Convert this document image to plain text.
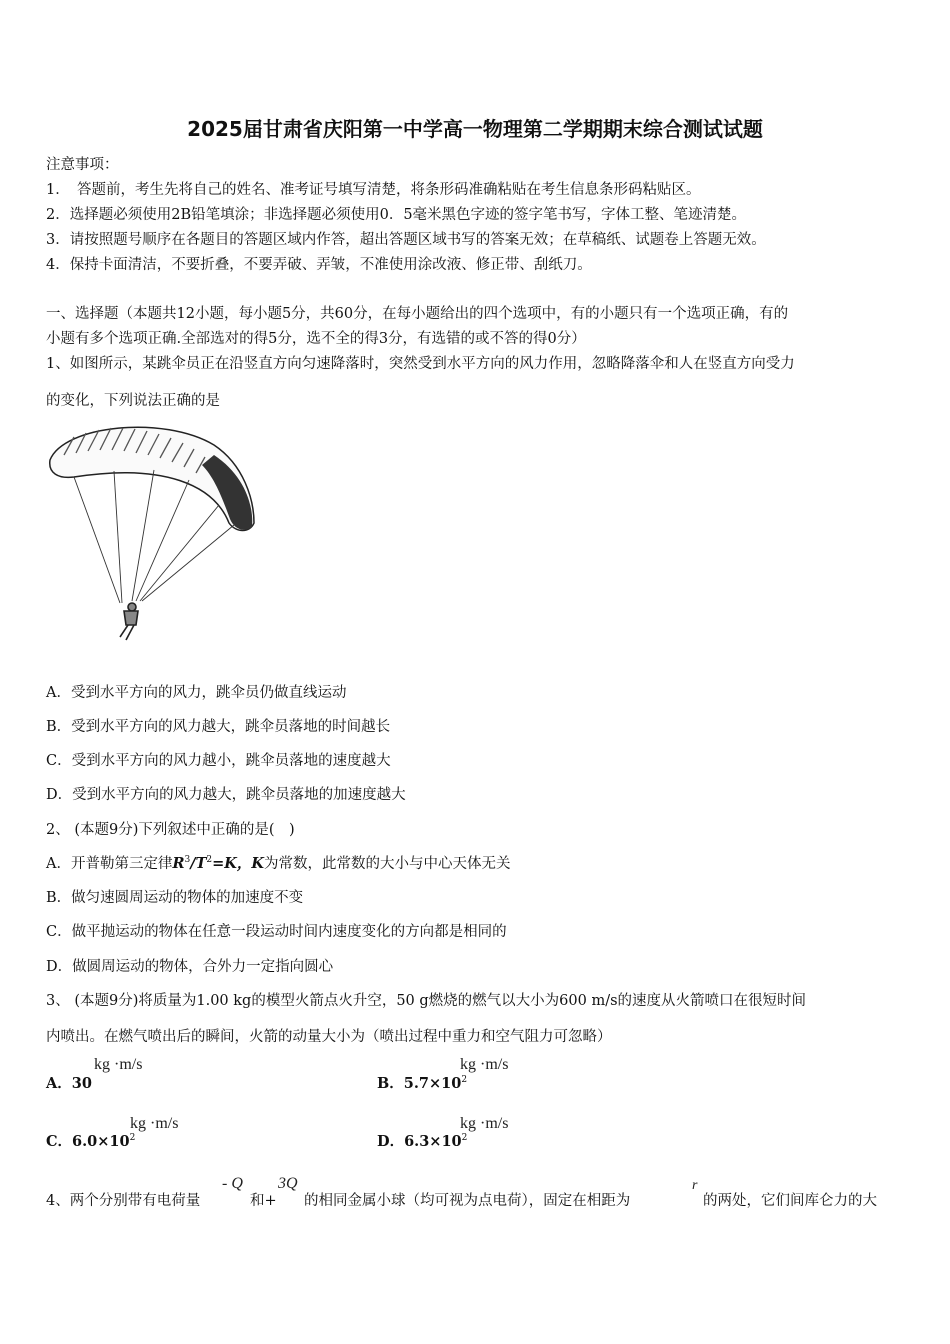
2025届甘肃省庆阳第一中学高一物理第二学期期末综合测试试题
注意事项：
1．　答题前，考生先将自己的姓名、准考证号填写清楚，将条形码准确粘贴在考生信息条形码粘贴区。
2．选择题必须使用2B铅笔填涂；非选择题必须使用0．5毫米黑色字迹的签字笔书写，字体工整、笔迹清楚。
3．请按照题号顺序在各题目的答题区域内作答，超出答题区域书写的答案无效；在草稿纸、试题卷上答题无效。
4．保持卡面清洁，不要折叠，不要弄破、弄皱，不准使用涂改液、修正带、刮纸刀。
一、选择题（本题共12小题，每小题5分，共60分，在每小题给出的四个选项中，有的小题只有一个选项正确，有的
小题有多个选项正确.全部选对的得5分，选不全的得3分，有选错的或不答的得0分）
1、如图所示，某跳伞员正在沿竖直方向匀速降落时，突然受到水平方向的风力作用，忽略降落伞和人在竖直方向受力
的变化，下列说法正确的是
A．受到水平方向的风力，跳伞员仍做直线运动
B．受到水平方向的风力越大，跳伞员落地的时间越长
C．受到水平方向的风力越小，跳伞员落地的速度越大
D．受到水平方向的风力越大，跳伞员落地的加速度越大
2、 (本题9分)下列叙述中正确的是(　)
A．开普勒第三定律$R^3/T^2=K$，K为常数，此常数的大小与中心天体无关
B．做匀速圆周运动的物体的加速度不变
C．做平抛运动的物体在任意一段运动时间内速度变化的方向都是相同的
D．做圆周运动的物体，合外力一定指向圆心
3、 (本题9分)将质量为1.00 kg的模型火箭点火升空，50 g燃烧的燃气以大小为600 m/s的速度从火箭喷口在很短时间
内喷出。在燃气喷出后的瞬间，火箭的动量大小为（喷出过程中重力和空气阻力可忽略）
A．30
kg ·m/s
B．$5.7\times 10^2$
kg ·m/s
C．$6.0\times 10^2$
kg ·m/s
D．$6.3\times 10^2$
kg ·m/s
4、两个分别带有电荷量
- Q
和+
3Q
的相同金属小球（均可视为点电荷），固定在相距为
r
的两处，它们间库仑力的大
